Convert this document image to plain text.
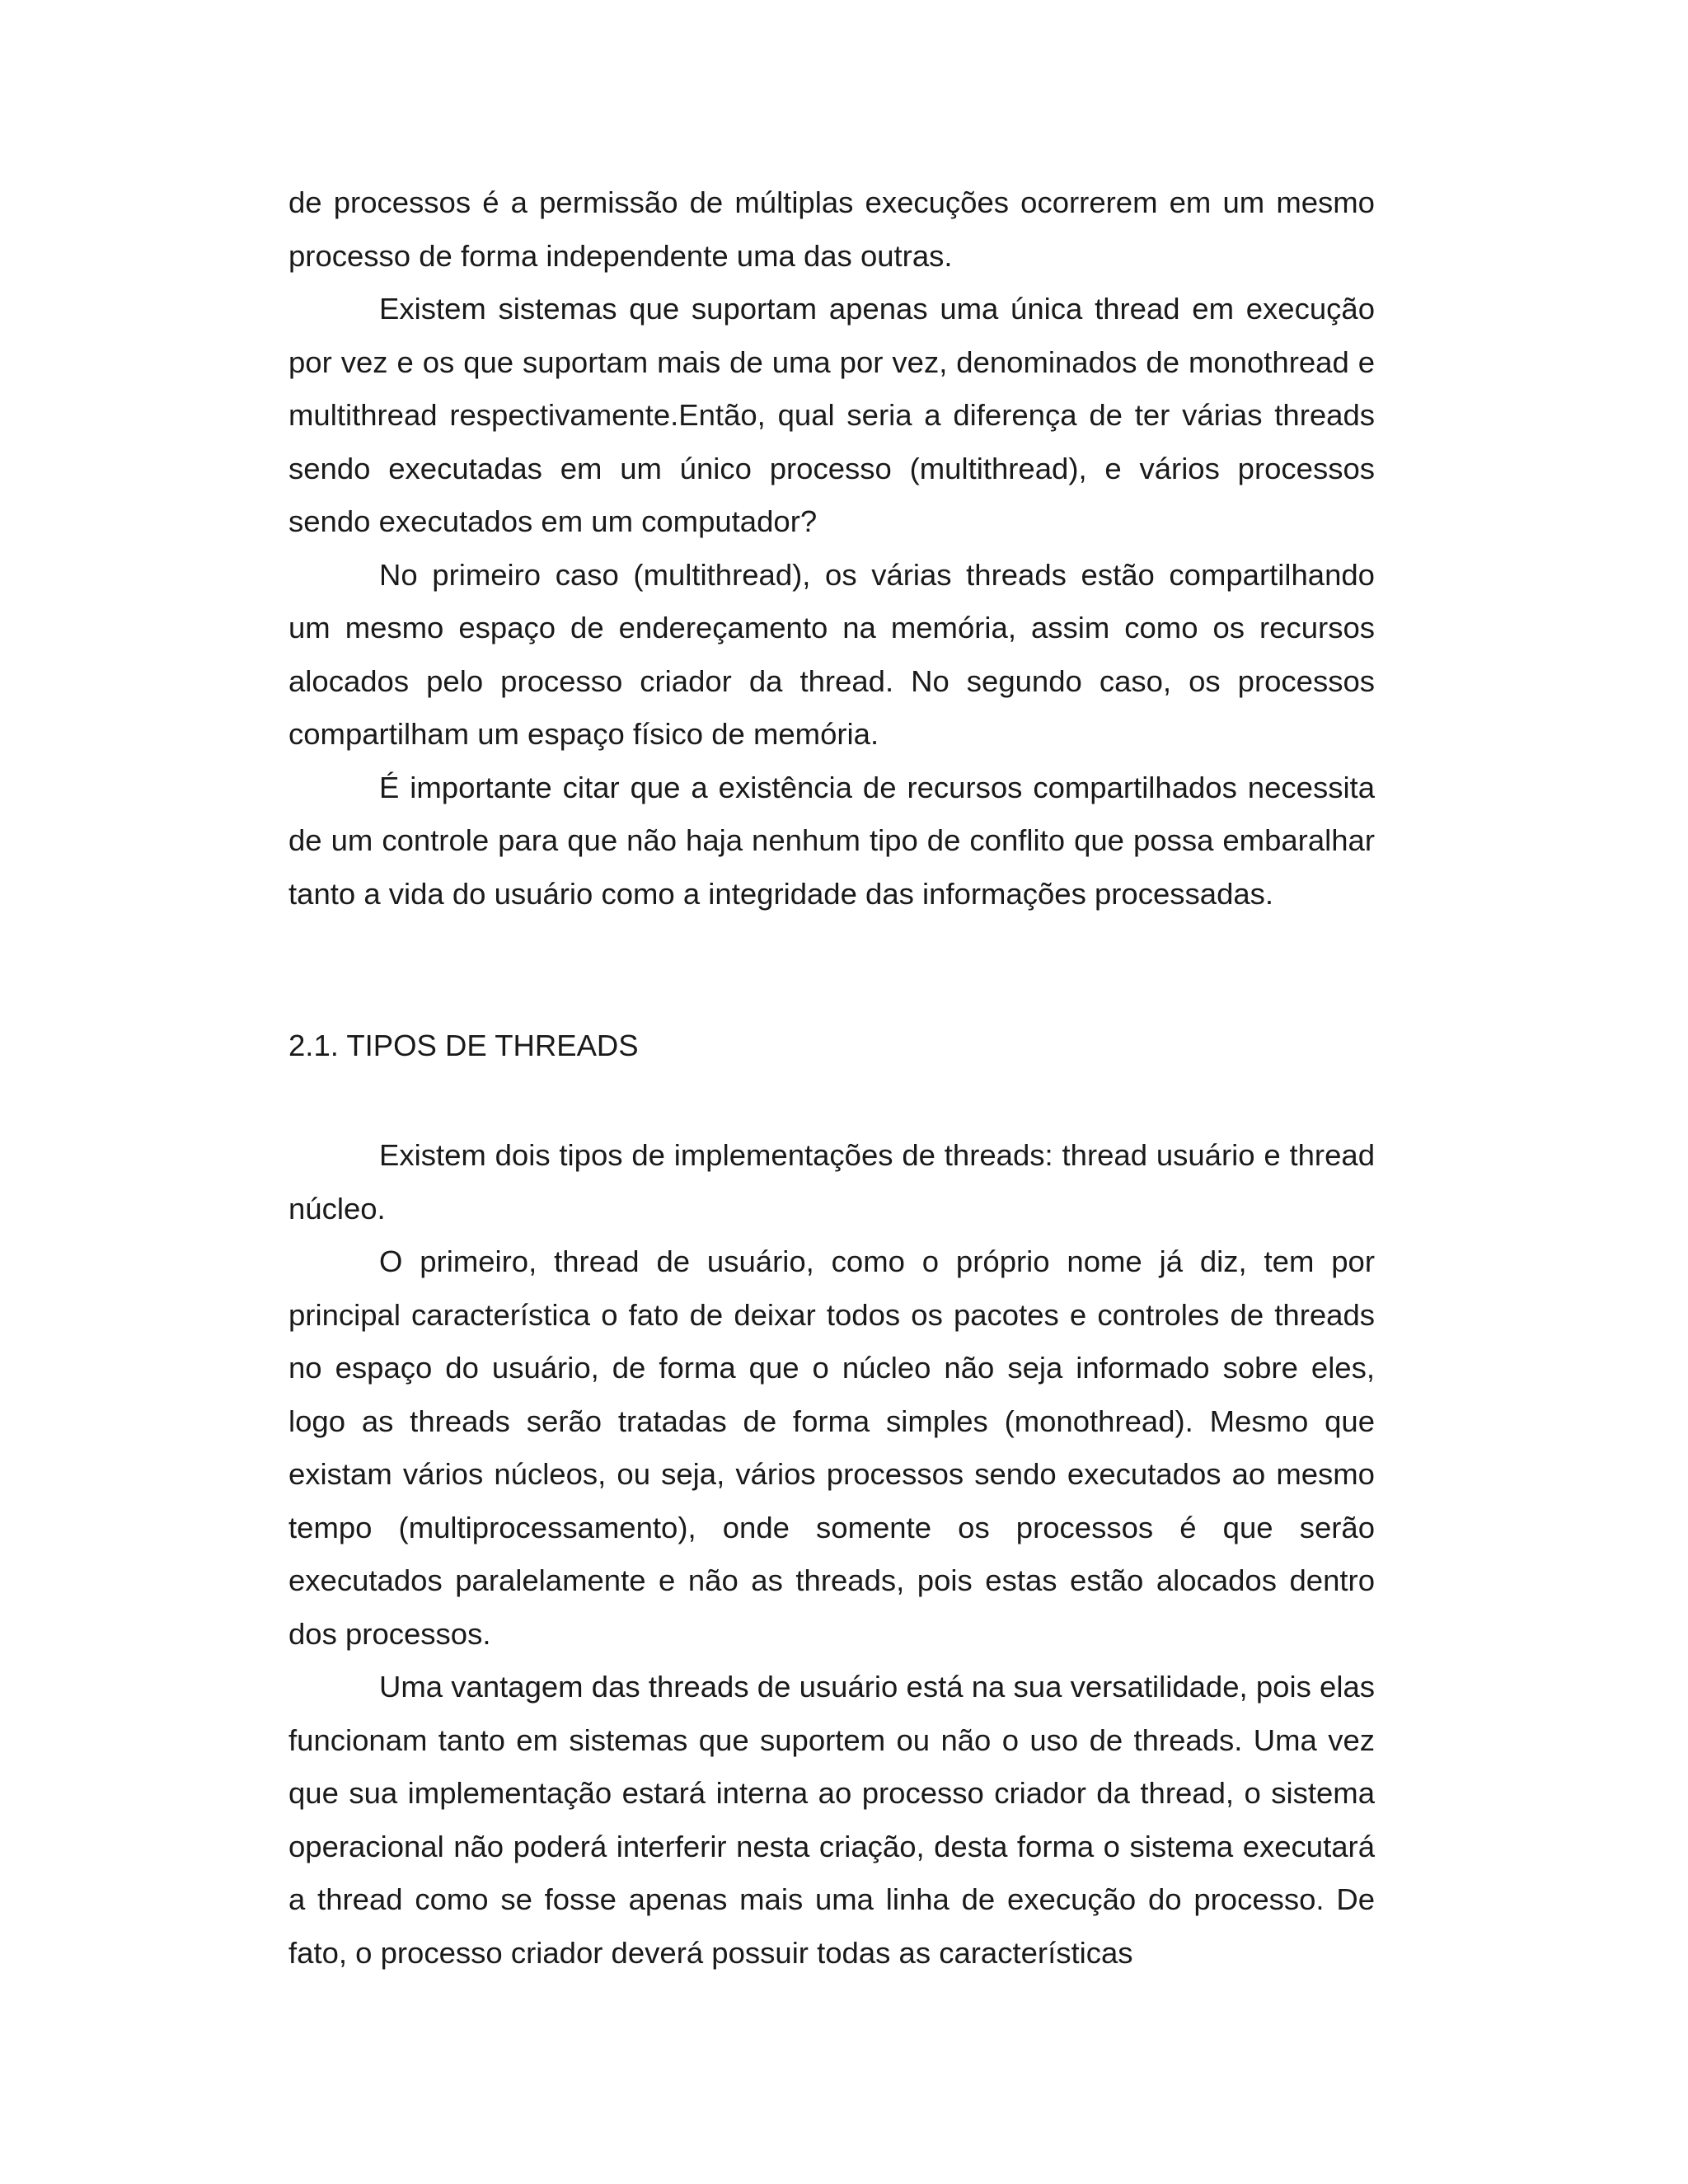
de processos é a permissão de múltiplas execuções ocorrerem em um mesmo processo de forma independente uma das outras.

Existem sistemas que suportam apenas uma única thread em execução por vez e os que suportam mais de uma por vez, denominados de monothread e multithread respectivamente.Então, qual seria a diferença de ter várias threads sendo executadas em um único processo (multithread), e vários processos sendo executados em um computador?

No primeiro caso (multithread), os várias threads estão compartilhando um mesmo espaço de endereçamento na memória, assim como os recursos alocados pelo processo criador da thread. No segundo caso, os processos compartilham um espaço físico de memória.

É importante citar que a existência de recursos compartilhados necessita de um controle para que não haja nenhum tipo de conflito que possa embaralhar tanto a vida do usuário como a integridade das informações processadas.

2.1. TIPOS DE THREADS

Existem dois tipos de implementações de threads: thread usuário e thread núcleo.

O primeiro, thread de usuário, como o próprio nome já diz, tem por principal característica o fato de deixar todos os pacotes e controles de threads no espaço do usuário, de forma que o núcleo não seja informado sobre eles, logo as threads serão tratadas de forma simples (monothread). Mesmo que existam vários núcleos, ou seja, vários processos sendo executados ao mesmo tempo (multiprocessamento), onde somente os processos é que serão executados paralelamente e não as threads, pois estas estão alocados dentro dos processos.

Uma vantagem das threads de usuário está na sua versatilidade, pois elas funcionam tanto em sistemas que suportem ou não o uso de threads. Uma vez que sua implementação estará interna ao processo criador da thread, o sistema operacional não poderá interferir nesta criação, desta forma o sistema executará a thread como se fosse apenas mais uma linha de execução do processo. De fato, o processo criador deverá possuir todas as características
